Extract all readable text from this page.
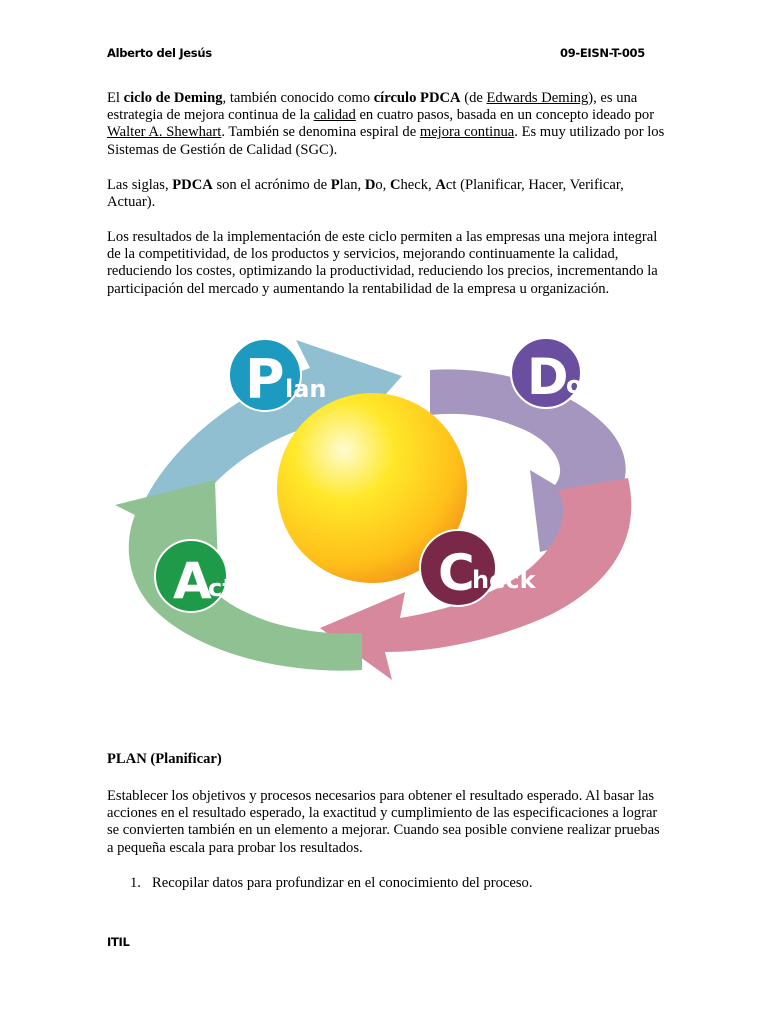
Alberto del Jesús	09-EISN-T-005
El ciclo de Deming, también conocido como círculo PDCA (de Edwards Deming), es una estrategia de mejora continua de la calidad en cuatro pasos, basada en un concepto ideado por Walter A. Shewhart. También se denomina espiral de mejora continua. Es muy utilizado por los Sistemas de Gestión de Calidad (SGC).
Las siglas, PDCA son el acrónimo de Plan, Do, Check, Act (Planificar, Hacer, Verificar, Actuar).
Los resultados de la implementación de este ciclo permiten a las empresas una mejora integral de la competitividad, de los productos y servicios, mejorando continuamente la calidad, reduciendo los costes, optimizando la productividad, reduciendo los precios, incrementando la participación del mercado y aumentando la rentabilidad de la empresa u organización.
P lan	D
o
C
heck
A
ct
PLAN (Planificar)
Establecer los objetivos y procesos necesarios para obtener el resultado esperado. Al basar las acciones en el resultado esperado, la exactitud y cumplimiento de las especificaciones a lograr se convierten también en un elemento a mejorar. Cuando sea posible conviene realizar pruebas a pequeña escala para probar los resultados.
1. Recopilar datos para profundizar en el conocimiento del proceso.
ITIL
